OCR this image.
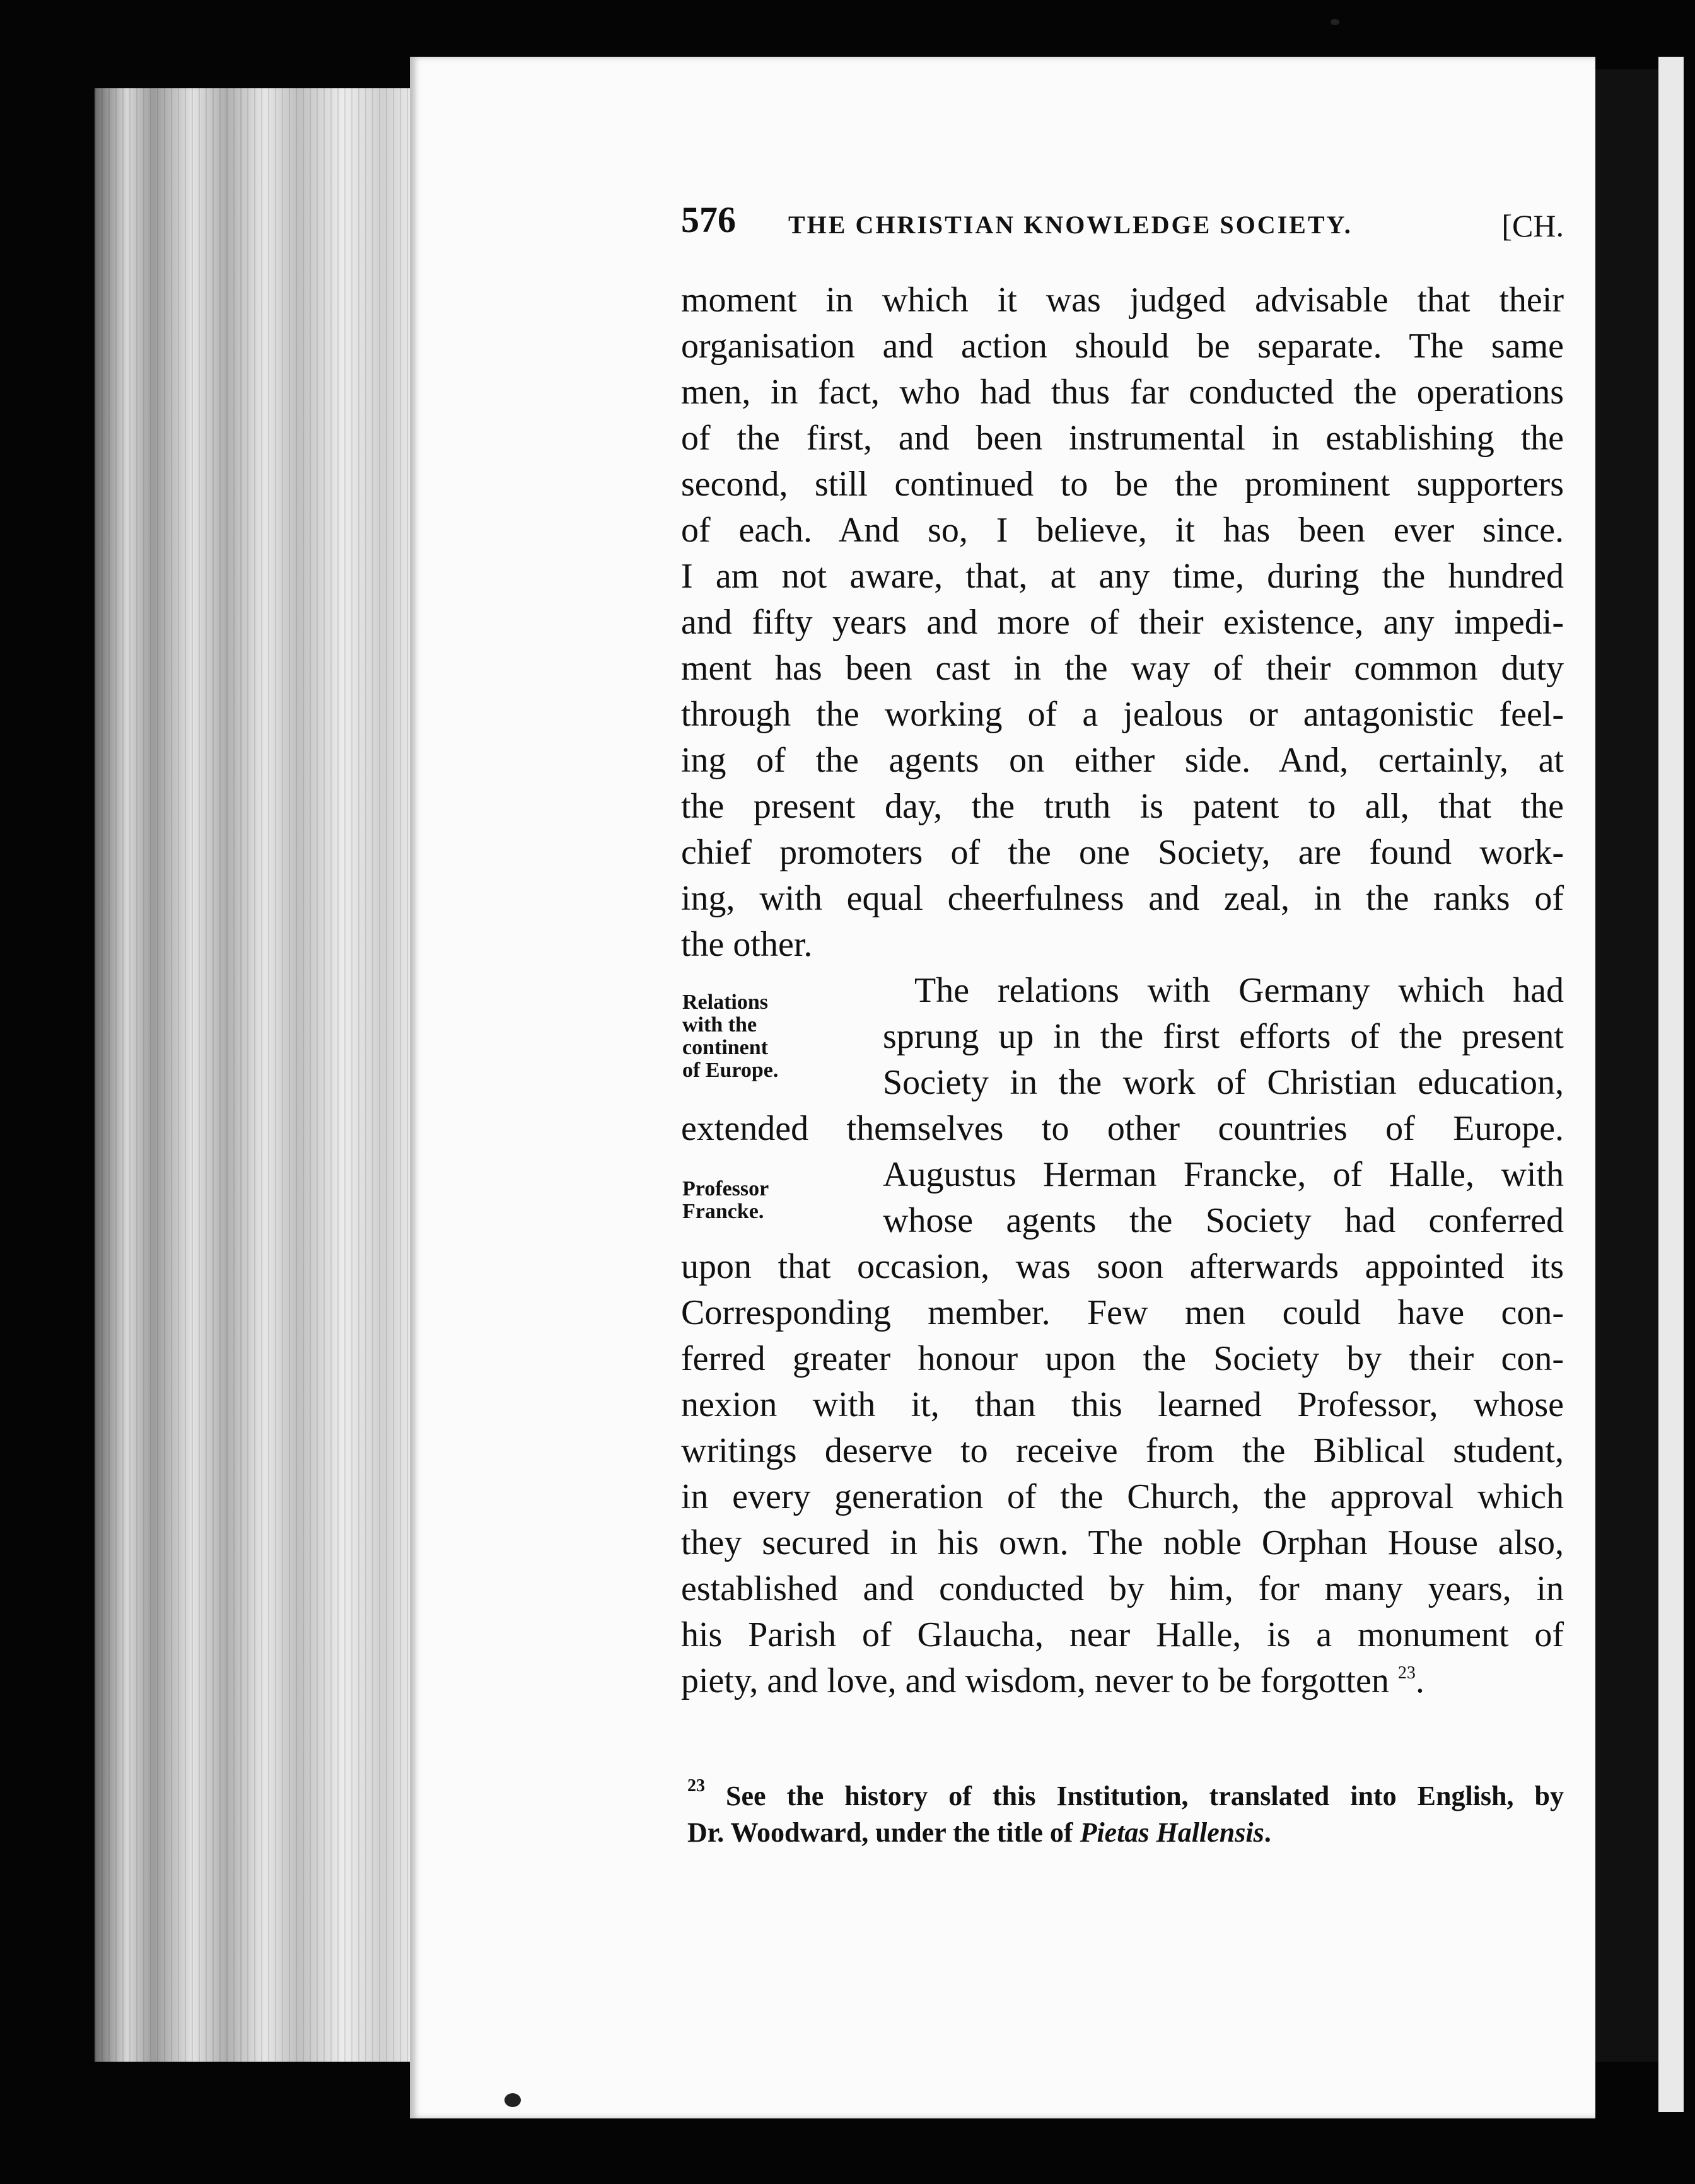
576 THE CHRISTIAN KNOWLEDGE SOCIETY.	[CH.
moment in which it was judged advisable that their
organisation and action should be separate. The same
men, in fact, who had thus far conducted the operations
of the first, and been instrumental in establishing the
second, still continued to be the prominent supporters
of each. And so, I believe, it has been ever since.
I am not aware, that, at any time, during the hundred
and fifty years and more of their existence, any impedi-
ment has been cast in the way of their common duty
through the working of a jealous or antagonistic feel-
ing of the agents on either side. And, certainly, at
the present day, the truth is patent to all, that the
chief promoters of the one Society, are found work-
ing, with equal cheerfulness and zeal, in the ranks of
the other.
The relations with Germany which had
sprung up in the first efforts of the present
Society in the work of Christian education,
extended themselves to other countries of Europe.
Augustus Herman Francke, of Halle, with
whose agents the Society had conferred
upon that occasion, was soon afterwards appointed its
Corresponding member. Few men could have con-
ferred greater honour upon the Society by their con-
nexion with it, than this learned Professor, whose
writings deserve to receive from the Biblical student,
in every generation of the Church, the approval which
they secured in his own. The noble Orphan House also,
established and conducted by him, for many years, in
his Parish of Glaucha, near Halle, is a monument of
piety, and love, and wisdom, never to be forgotten $^{23}$.
Relations
with the
continent
of Europe.
Professor
Francke.
$^{23}$ See the history of this Institution, translated into English, by
Dr. Woodward, under the title of Pietas Hallensis.
